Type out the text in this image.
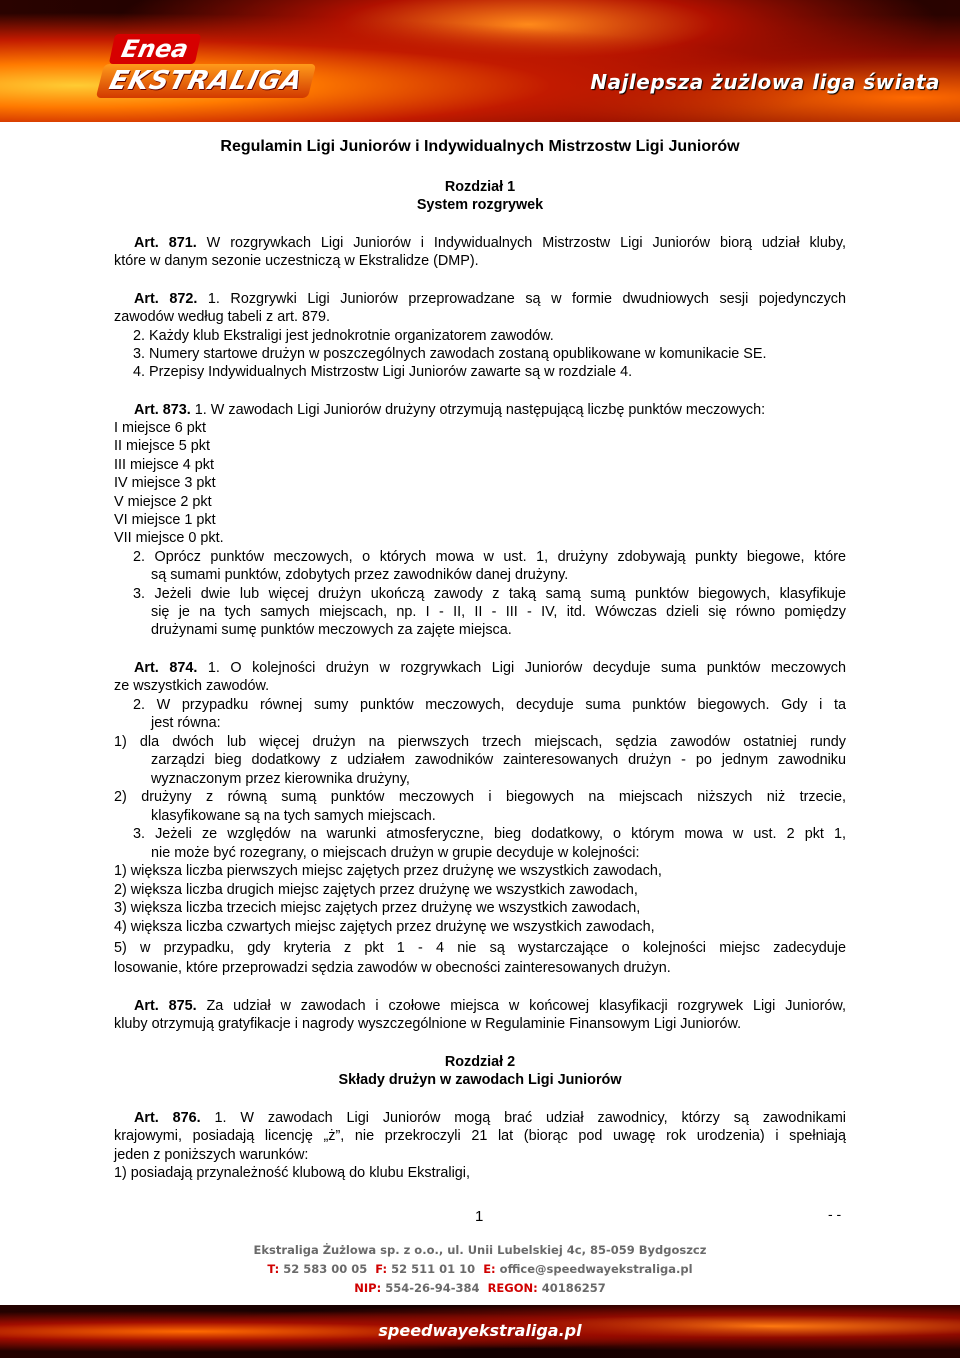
Enea
EKSTRALIGA	Najlepsza żużlowa liga świata
Regulamin Ligi Juniorów i Indywidualnych Mistrzostw Ligi Juniorów
Rozdział 1
System rozgrywek
Art. 871. W rozgrywkach Ligi Juniorów i Indywidualnych Mistrzostw Ligi Juniorów biorą udział kluby,
które w danym sezonie uczestniczą w Ekstralidze (DMP).
Art. 872. 1. Rozgrywki Ligi Juniorów przeprowadzane są w formie dwudniowych sesji pojedynczych
zawodów według tabeli z art. 879.
2. Każdy klub Ekstraligi jest jednokrotnie organizatorem zawodów.
3. Numery startowe drużyn w poszczególnych zawodach zostaną opublikowane w komunikacie SE.
4. Przepisy Indywidualnych Mistrzostw Ligi Juniorów zawarte są w rozdziale 4.
Art. 873. 1. W zawodach Ligi Juniorów drużyny otrzymują następującą liczbę punktów meczowych:
I miejsce 6 pkt
II miejsce 5 pkt
III miejsce 4 pkt
IV miejsce 3 pkt
V miejsce 2 pkt
VI miejsce 1 pkt
VII miejsce 0 pkt.
2. Oprócz punktów meczowych, o których mowa w ust. 1, drużyny zdobywają punkty biegowe, które
są sumami punktów, zdobytych przez zawodników danej drużyny.
3. Jeżeli dwie lub więcej drużyn ukończą zawody z taką samą sumą punktów biegowych, klasyfikuje
się je na tych samych miejscach, np. I - II, II - III - IV, itd. Wówczas dzieli się równo pomiędzy
drużynami sumę punktów meczowych za zajęte miejsca.
Art. 874. 1. O kolejności drużyn w rozgrywkach Ligi Juniorów decyduje suma punktów meczowych
ze wszystkich zawodów.
2. W przypadku równej sumy punktów meczowych, decyduje suma punktów biegowych. Gdy i ta
jest równa:
1) dla dwóch lub więcej drużyn na pierwszych trzech miejscach, sędzia zawodów ostatniej rundy
zarządzi bieg dodatkowy z udziałem zawodników zainteresowanych drużyn - po jednym zawodniku
wyznaczonym przez kierownika drużyny,
2) drużyny z równą sumą punktów meczowych i biegowych na miejscach niższych niż trzecie,
klasyfikowane są na tych samych miejscach.
3. Jeżeli ze względów na warunki atmosferyczne, bieg dodatkowy, o którym mowa w ust. 2 pkt 1,
nie może być rozegrany, o miejscach drużyn w grupie decyduje w kolejności:
1) większa liczba pierwszych miejsc zajętych przez drużynę we wszystkich zawodach,
2) większa liczba drugich miejsc zajętych przez drużynę we wszystkich zawodach,
3) większa liczba trzecich miejsc zajętych przez drużynę we wszystkich zawodach,
4) większa liczba czwartych miejsc zajętych przez drużynę we wszystkich zawodach,
5) w przypadku, gdy kryteria z pkt 1 - 4 nie są wystarczające o kolejności miejsc zadecyduje
losowanie, które przeprowadzi sędzia zawodów w obecności zainteresowanych drużyn.
Art. 875. Za udział w zawodach i czołowe miejsca w końcowej klasyfikacji rozgrywek Ligi Juniorów,
kluby otrzymują gratyfikacje i nagrody wyszczególnione w Regulaminie Finansowym Ligi Juniorów.
Rozdział 2
Składy drużyn w zawodach Ligi Juniorów
Art. 876. 1. W zawodach Ligi Juniorów mogą brać udział zawodnicy, którzy są zawodnikami
krajowymi, posiadają licencję „ż”, nie przekroczyli 21 lat (biorąc pod uwagę rok urodzenia) i spełniają
jeden z poniższych warunków:
1) posiadają przynależność klubową do klubu Ekstraligi,
1	- -
Ekstraliga Żużlowa sp. z o.o., ul. Unii Lubelskiej 4c, 85-059 Bydgoszcz
T: 52 583 00 05 F: 52 511 01 10 E: office@speedwayekstraliga.pl
NIP: 554-26-94-384 REGON: 40186257
speedwayekstraliga.pl
